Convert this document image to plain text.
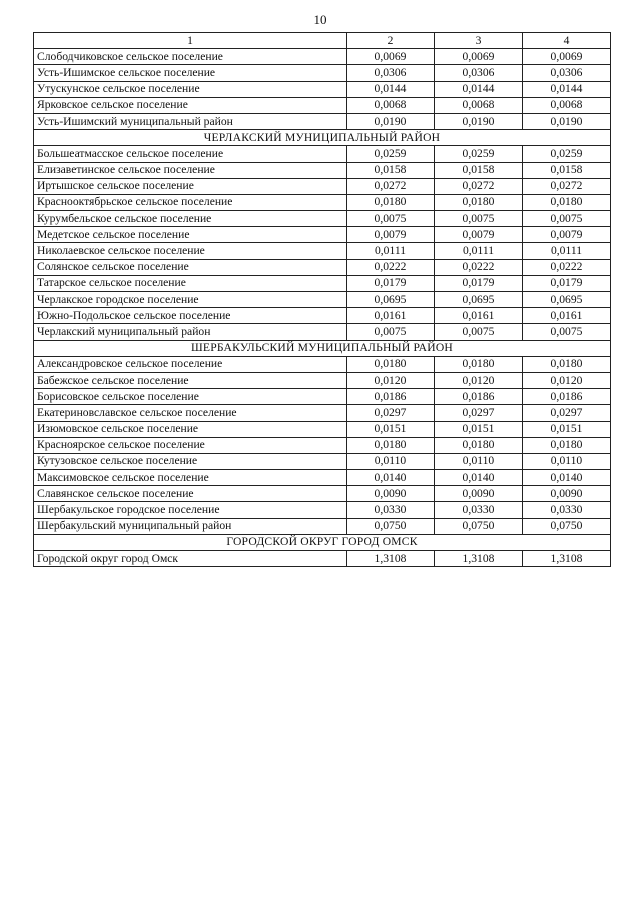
10
1	2	3	4
Слободчиковское сельское поселение	0,0069	0,0069	0,0069
Усть-Ишимское сельское поселение	0,0306	0,0306	0,0306
Утускунское сельское поселение	0,0144	0,0144	0,0144
Ярковское сельское поселение	0,0068	0,0068	0,0068
Усть-Ишимский муниципальный район	0,0190	0,0190	0,0190
ЧЕРЛАКСКИЙ МУНИЦИПАЛЬНЫЙ РАЙОН			
Большеатмасское сельское поселение	0,0259	0,0259	0,0259
Елизаветинское сельское поселение	0,0158	0,0158	0,0158
Иртышское сельское поселение	0,0272	0,0272	0,0272
Краснооктябрьское сельское поселение	0,0180	0,0180	0,0180
Курумбельское сельское поселение	0,0075	0,0075	0,0075
Медетское сельское поселение	0,0079	0,0079	0,0079
Николаевское сельское поселение	0,0111	0,0111	0,0111
Солянское сельское поселение	0,0222	0,0222	0,0222
Татарское сельское поселение	0,0179	0,0179	0,0179
Черлакское городское поселение	0,0695	0,0695	0,0695
Южно-Подольское сельское поселение	0,0161	0,0161	0,0161
Черлакский муниципальный район	0,0075	0,0075	0,0075
ШЕРБАКУЛЬСКИЙ МУНИЦИПАЛЬНЫЙ РАЙОН			
Александровское сельское поселение	0,0180	0,0180	0,0180
Бабежское сельское поселение	0,0120	0,0120	0,0120
Борисовское сельское поселение	0,0186	0,0186	0,0186
Екатериновславское сельское поселение	0,0297	0,0297	0,0297
Изюмовское сельское поселение	0,0151	0,0151	0,0151
Красноярское сельское поселение	0,0180	0,0180	0,0180
Кутузовское сельское поселение	0,0110	0,0110	0,0110
Максимовское сельское поселение	0,0140	0,0140	0,0140
Славянское сельское поселение	0,0090	0,0090	0,0090
Шербакульское городское поселение	0,0330	0,0330	0,0330
Шербакульский муниципальный район	0,0750	0,0750	0,0750
ГОРОДСКОЙ ОКРУГ ГОРОД ОМСК			
Городской округ город Омск	1,3108	1,3108	1,3108
